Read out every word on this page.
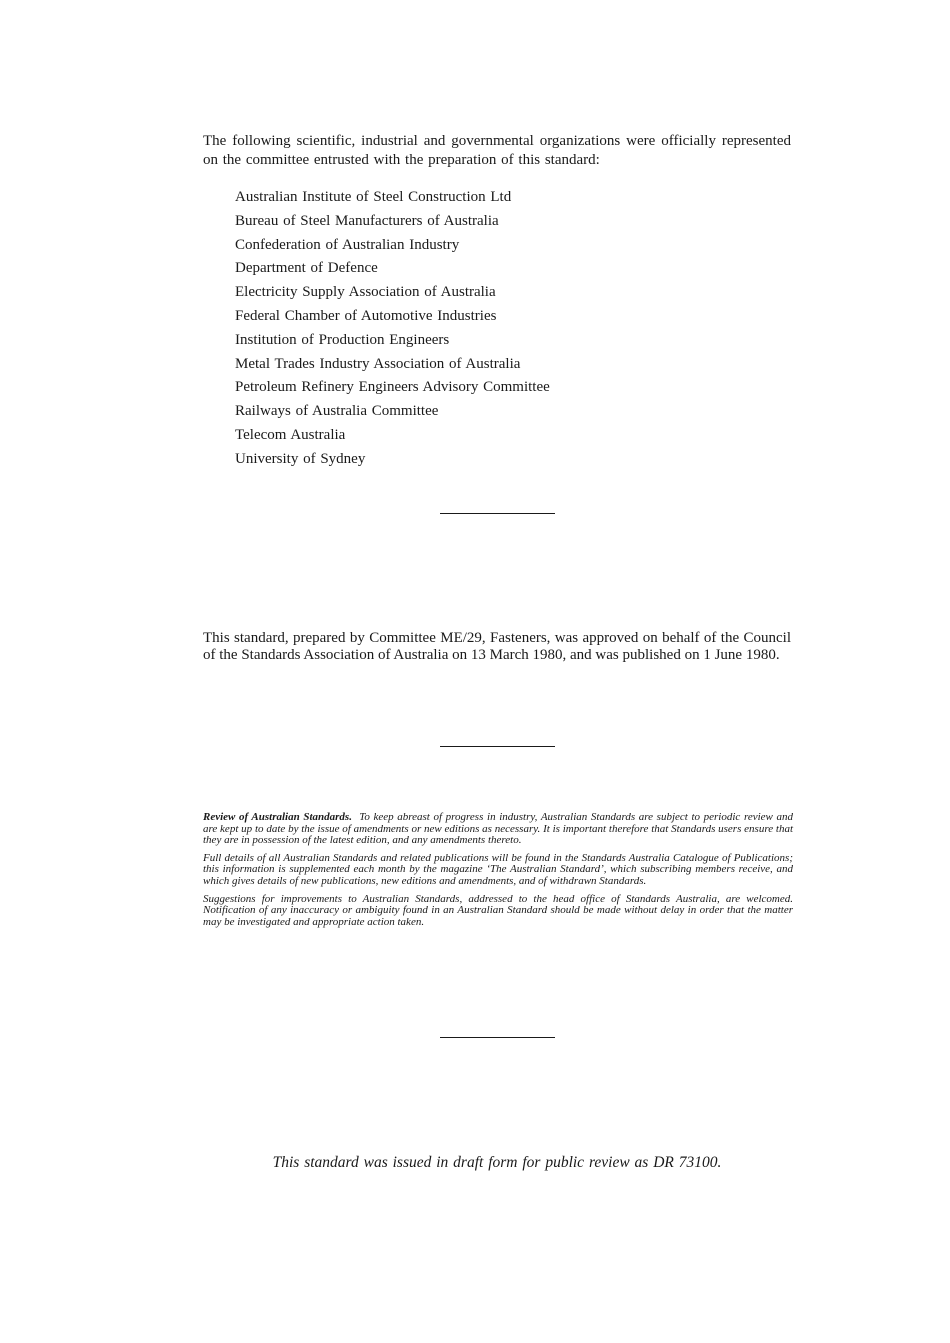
The following scientific, industrial and governmental organizations were officially represented on the committee entrusted with the preparation of this standard:

Australian Institute of Steel Construction Ltd
Bureau of Steel Manufacturers of Australia
Confederation of Australian Industry
Department of Defence
Electricity Supply Association of Australia
Federal Chamber of Automotive Industries
Institution of Production Engineers
Metal Trades Industry Association of Australia
Petroleum Refinery Engineers Advisory Committee
Railways of Australia Committee
Telecom Australia
University of Sydney

This standard, prepared by Committee ME/29, Fasteners, was approved on behalf of the Council of the Standards Association of Australia on 13 March 1980, and was published on 1 June 1980.

Review of Australian Standards. To keep abreast of progress in industry, Australian Standards are subject to periodic review and are kept up to date by the issue of amendments or new editions as necessary. It is important therefore that Standards users ensure that they are in possession of the latest edition, and any amendments thereto.

Full details of all Australian Standards and related publications will be found in the Standards Australia Catalogue of Publications; this information is supplemented each month by the magazine ‘The Australian Standard’, which subscribing members receive, and which gives details of new publications, new editions and amendments, and of withdrawn Standards.

Suggestions for improvements to Australian Standards, addressed to the head office of Standards Australia, are welcomed. Notification of any inaccuracy or ambiguity found in an Australian Standard should be made without delay in order that the matter may be investigated and appropriate action taken.

This standard was issued in draft form for public review as DR 73100.
